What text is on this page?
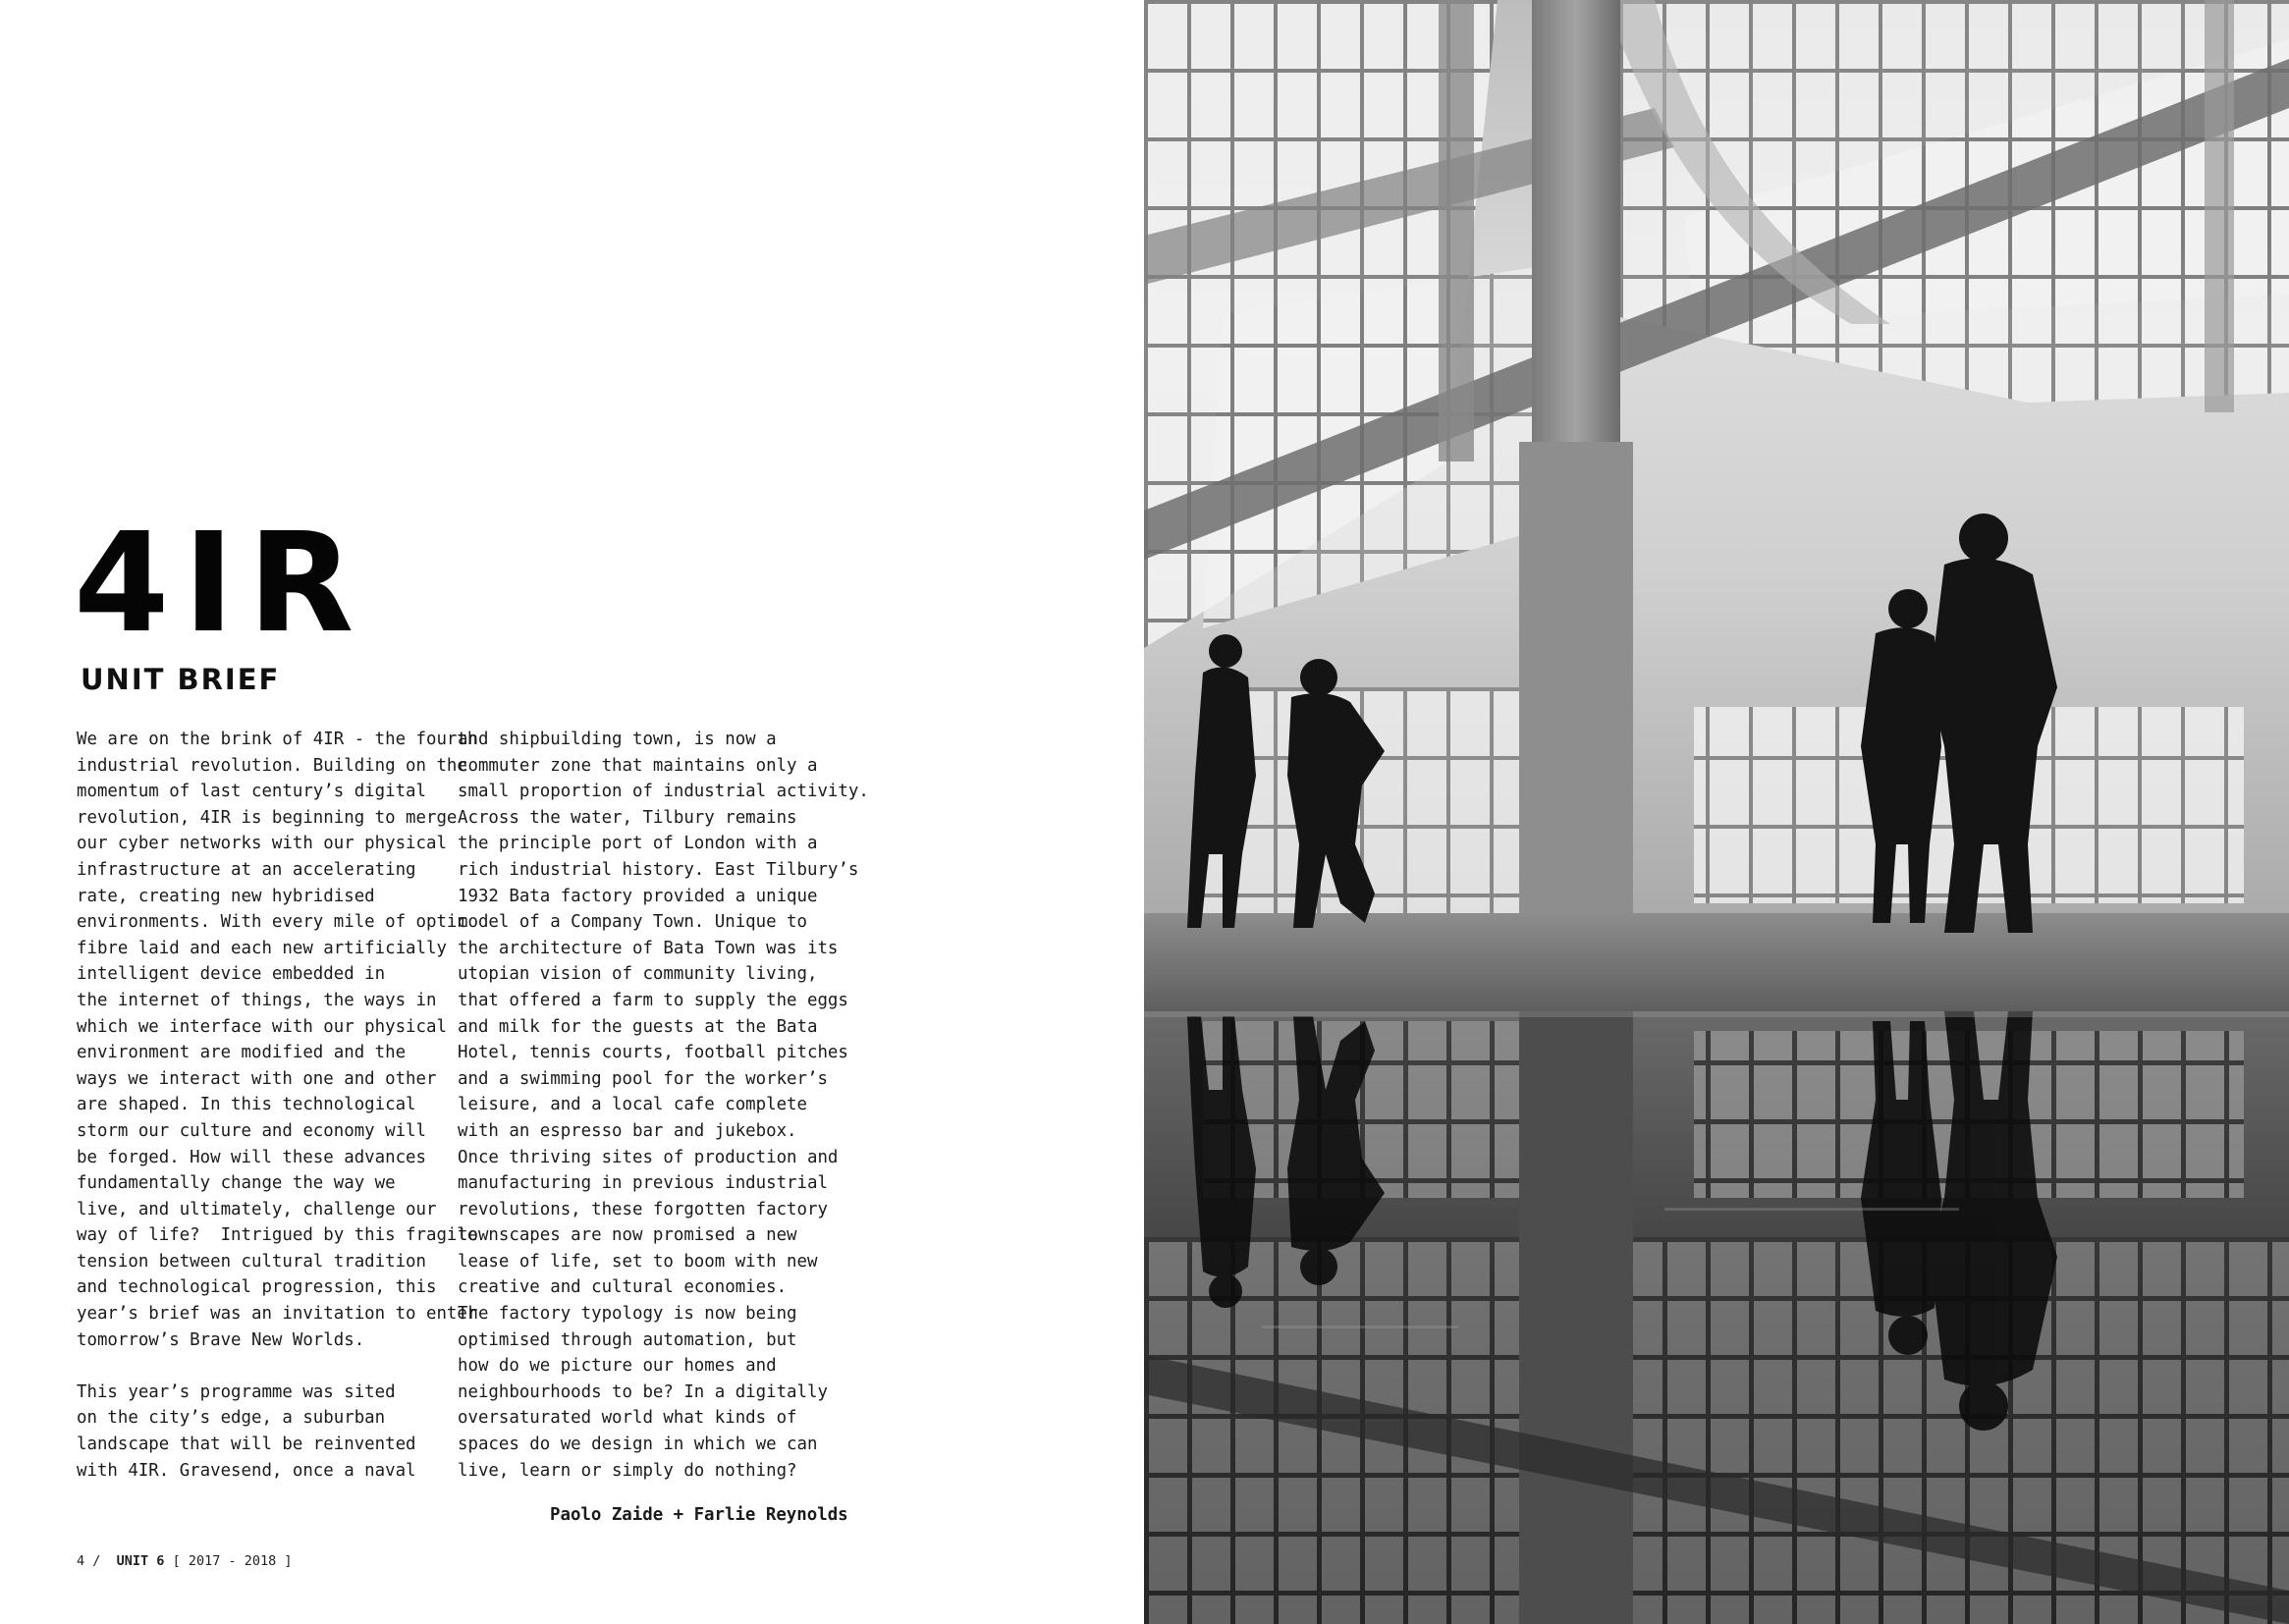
4IR
UNIT BRIEF
We are on the brink of 4IR - the fourth
industrial revolution. Building on the
momentum of last century’s digital
revolution, 4IR is beginning to merge
our cyber networks with our physical
infrastructure at an accelerating
rate, creating new hybridised
environments. With every mile of optic
fibre laid and each new artificially
intelligent device embedded in
the internet of things, the ways in
which we interface with our physical
environment are modified and the
ways we interact with one and other
are shaped. In this technological
storm our culture and economy will
be forged. How will these advances
fundamentally change the way we
live, and ultimately, challenge our
way of life?  Intrigued by this fragile
tension between cultural tradition
and technological progression, this
year’s brief was an invitation to enter
tomorrow’s Brave New Worlds.

This year’s programme was sited
on the city’s edge, a suburban
landscape that will be reinvented
with 4IR. Gravesend, once a naval
and shipbuilding town, is now a
commuter zone that maintains only a
small proportion of industrial activity.
Across the water, Tilbury remains
the principle port of London with a
rich industrial history. East Tilbury’s
1932 Bata factory provided a unique
model of a Company Town. Unique to
the architecture of Bata Town was its
utopian vision of community living,
that offered a farm to supply the eggs
and milk for the guests at the Bata
Hotel, tennis courts, football pitches
and a swimming pool for the worker’s
leisure, and a local cafe complete
with an espresso bar and jukebox.
Once thriving sites of production and
manufacturing in previous industrial
revolutions, these forgotten factory
townscapes are now promised a new
lease of life, set to boom with new
creative and cultural economies.
The factory typology is now being
optimised through automation, but
how do we picture our homes and
neighbourhoods to be? In a digitally
oversaturated world what kinds of
spaces do we design in which we can
live, learn or simply do nothing?
Paolo Zaide + Farlie Reynolds
4 / UNIT 6 [ 2017 - 2018 ]
